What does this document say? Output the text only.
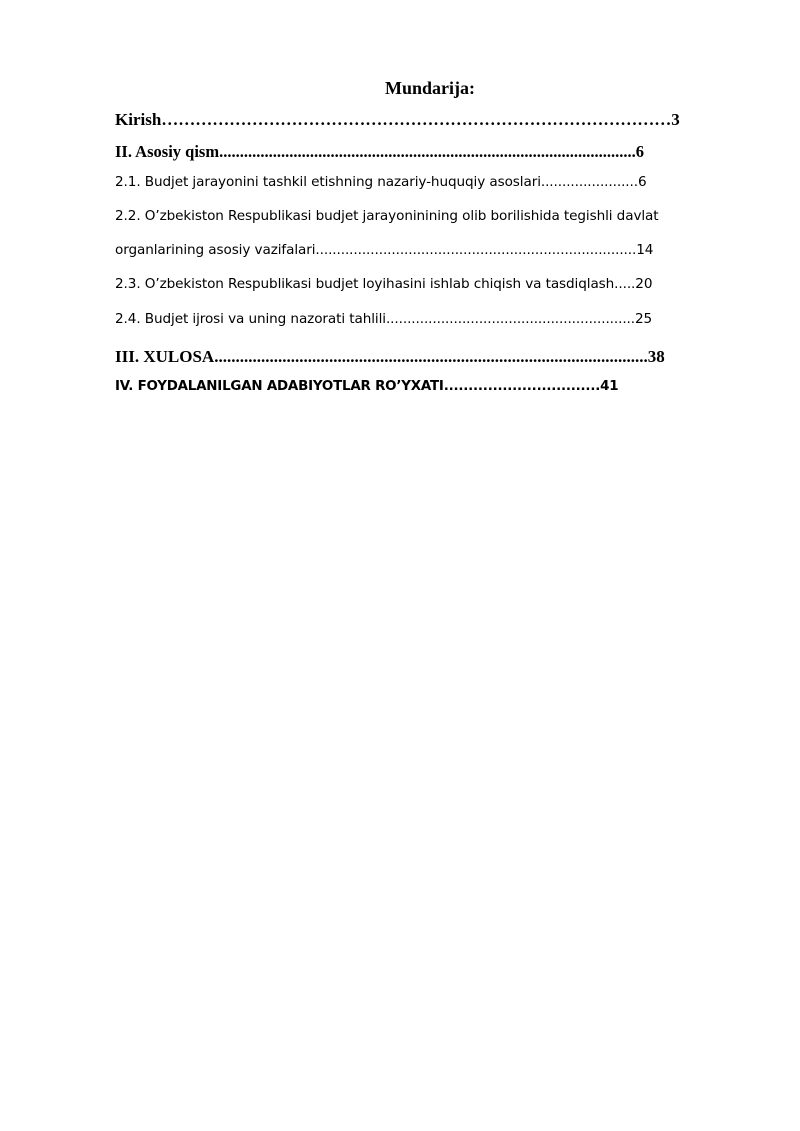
Mundarija:
Kirish………………………………………………………………………………3
II. Asosiy qism.....................................................................................................6
2.1. Budjet jarayonini tashkil etishning nazariy-huquqiy asoslari.......................6
2.2. O’zbekiston Respublikasi budjet jarayoninining olib borilishida tegishli davlat
organlarining asosiy vazifalari............................................................................14
2.3. O’zbekiston Respublikasi budjet loyihasini ishlab chiqish va tasdiqlash.....20
2.4. Budjet ijrosi va uning nazorati tahlili...........................................................25
III. XULOSA......................................................................................................38
IV. FOYDALANILGAN ADABIYOTLAR RO’YXATI................................41
